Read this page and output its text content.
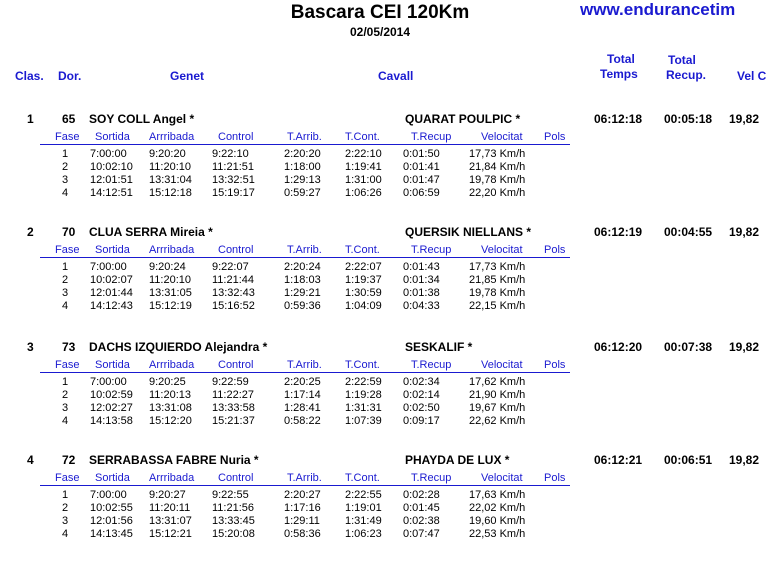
Bascara CEI 120Km
02/05/2014
www.endurancetim
Clas. Dor.	Genet	Cavall
Total
Temps
Total
Recup.	Vel C
1 65 SOY COLL Angel *	QUARAT POULPIC *	06:12:18 00:05:18 19,82
Fase Sortida Arrribada Control	T.Arrib. T.Cont.	T.Recup	Velocitat Pols
1 7:00:00 9:20:20 9:22:10	2:20:20 2:22:10 0:01:50	17,73 Km/h
2 10:02:10 11:20:10 11:21:51	1:18:00 1:19:41 0:01:41	21,84 Km/h
3 12:01:51 13:31:04 13:32:51	1:29:13 1:31:00 0:01:47	19,78 Km/h
4 14:12:51 15:12:18 15:19:17	0:59:27 1:06:26 0:06:59	22,20 Km/h
2 70 CLUA SERRA Mireia *	QUERSIK NIELLANS *	06:12:19 00:04:55 19,82
Fase Sortida Arrribada Control	T.Arrib. T.Cont.	T.Recup	Velocitat Pols
1 7:00:00 9:20:24 9:22:07	2:20:24 2:22:07 0:01:43	17,73 Km/h
2 10:02:07 11:20:10 11:21:44	1:18:03 1:19:37 0:01:34	21,85 Km/h
3 12:01:44 13:31:05 13:32:43	1:29:21 1:30:59 0:01:38	19,78 Km/h
4 14:12:43 15:12:19 15:16:52	0:59:36 1:04:09 0:04:33	22,15 Km/h
3 73 DACHS IZQUIERDO Alejandra *	SESKALIF *	06:12:20 00:07:38 19,82
Fase Sortida Arrribada Control	T.Arrib. T.Cont.	T.Recup	Velocitat Pols
1 7:00:00 9:20:25 9:22:59	2:20:25 2:22:59 0:02:34	17,62 Km/h
2 10:02:59 11:20:13 11:22:27	1:17:14 1:19:28 0:02:14	21,90 Km/h
3 12:02:27 13:31:08 13:33:58	1:28:41 1:31:31 0:02:50	19,67 Km/h
4 14:13:58 15:12:20 15:21:37	0:58:22 1:07:39 0:09:17	22,62 Km/h
4 72 SERRABASSA FABRE Nuria *	PHAYDA DE LUX *	06:12:21 00:06:51 19,82
Fase Sortida Arrribada Control	T.Arrib. T.Cont.	T.Recup	Velocitat Pols
1 7:00:00 9:20:27 9:22:55	2:20:27 2:22:55 0:02:28	17,63 Km/h
2 10:02:55 11:20:11 11:21:56	1:17:16 1:19:01 0:01:45	22,02 Km/h
3 12:01:56 13:31:07 13:33:45	1:29:11 1:31:49 0:02:38	19,60 Km/h
4 14:13:45 15:12:21 15:20:08	0:58:36 1:06:23 0:07:47	22,53 Km/h
